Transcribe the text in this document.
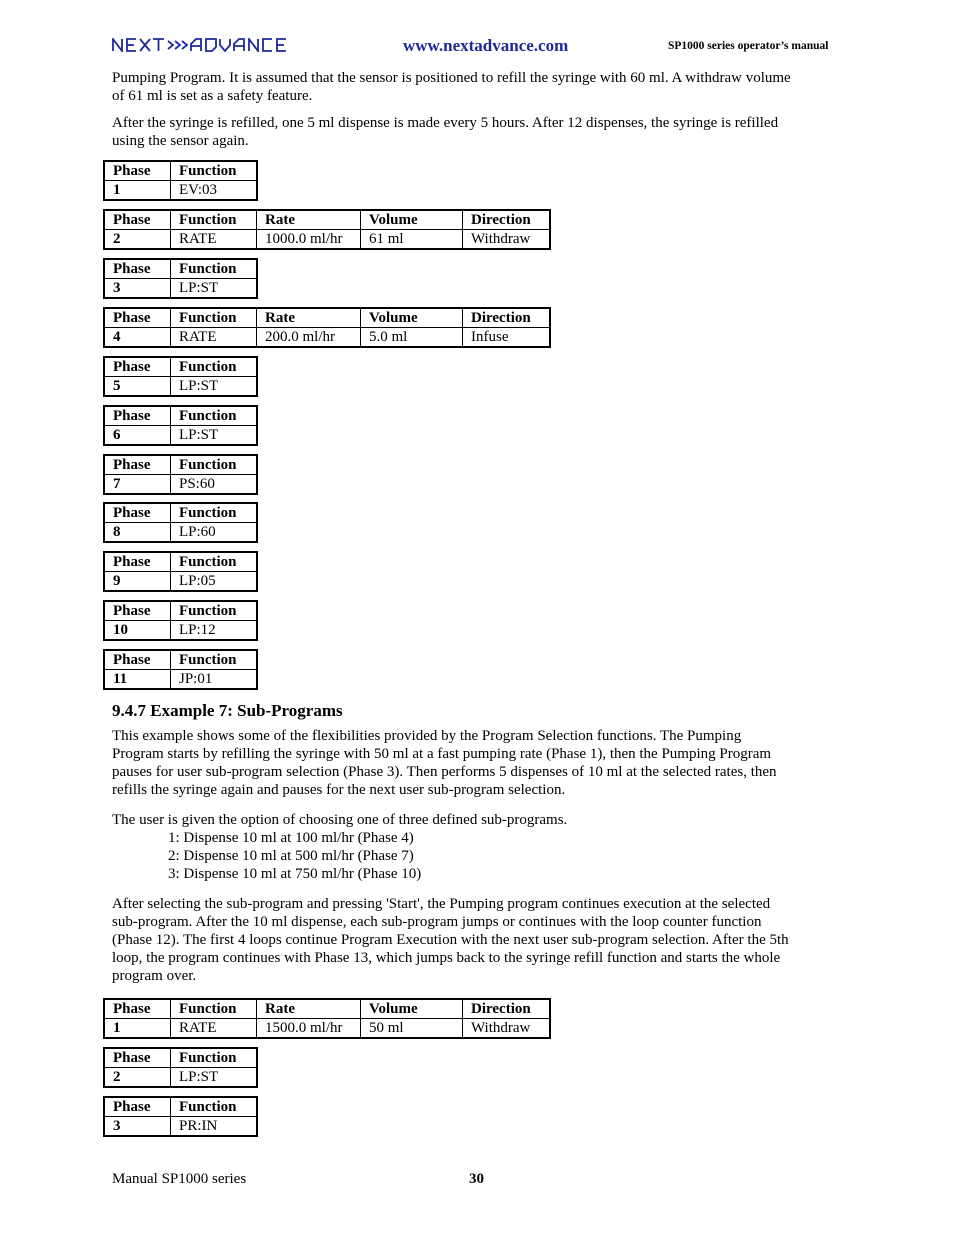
www.nextadvance.com	SP1000 series operator’s manual
Pumping Program. It is assumed that the sensor is positioned to refill the syringe with 60 ml. A withdraw volume of 61 ml is set as a safety feature.
After the syringe is refilled, one 5 ml dispense is made every 5 hours. After 12 dispenses, the syringe is refilled using the sensor again.
Phase	Function
1	EV:03
Phase	Function	Rate	Volume	Direction
2	RATE	1000.0 ml/hr	61 ml	Withdraw
Phase	Function
3	LP:ST
Phase	Function	Rate	Volume	Direction
4	RATE	200.0 ml/hr	5.0 ml	Infuse
Phase	Function
5	LP:ST
Phase	Function
6	LP:ST
Phase	Function
7	PS:60
Phase	Function
8	LP:60
Phase	Function
9	LP:05
Phase	Function
10	LP:12
Phase	Function
11	JP:01
9.4.7 Example 7: Sub-Programs
This example shows some of the flexibilities provided by the Program Selection functions. The Pumping Program starts by refilling the syringe with 50 ml at a fast pumping rate (Phase 1), then the Pumping Program pauses for user sub-program selection (Phase 3). Then performs 5 dispenses of 10 ml at the selected rates, then refills the syringe again and pauses for the next user sub-program selection.
The user is given the option of choosing one of three defined sub-programs.
1: Dispense 10 ml at 100 ml/hr (Phase 4)
2: Dispense 10 ml at 500 ml/hr (Phase 7)
3: Dispense 10 ml at 750 ml/hr (Phase 10)
After selecting the sub-program and pressing 'Start', the Pumping program continues execution at the selected sub-program. After the 10 ml dispense, each sub-program jumps or continues with the loop counter function (Phase 12). The first 4 loops continue Program Execution with the next user sub-program selection. After the 5th loop, the program continues with Phase 13, which jumps back to the syringe refill function and starts the whole program over.
Phase	Function	Rate	Volume	Direction
1	RATE	1500.0 ml/hr	50 ml	Withdraw
Phase	Function
2	LP:ST
Phase	Function
3	PR:IN
Manual SP1000 series	30
